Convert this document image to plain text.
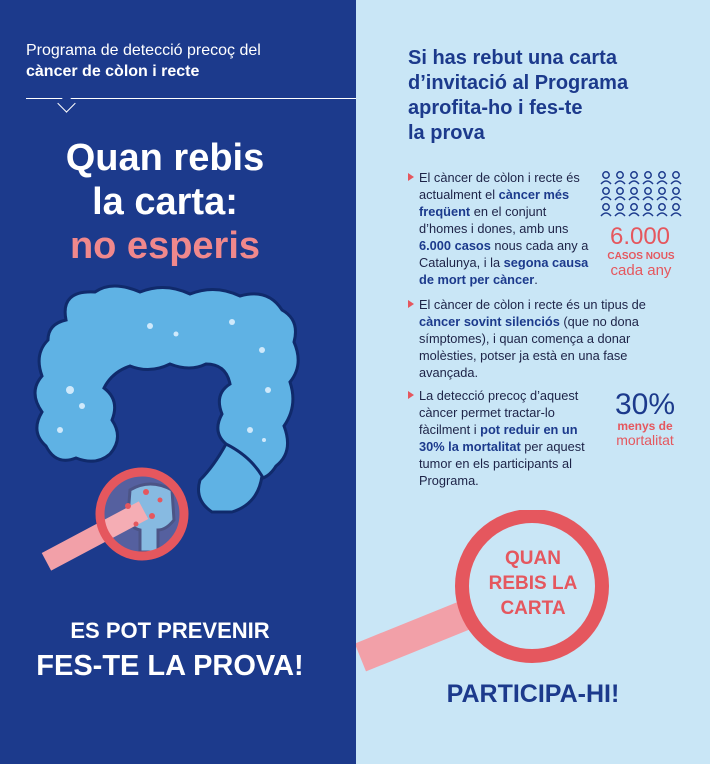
Programa de detecció precoç del
càncer de còlon i recte
Quan rebis
la carta:
no esperis
ES POT PREVENIR
FES-TE LA PROVA!
Si has rebut una carta
d’invitació al Programa
aprofita-ho i fes-te
la prova

El càncer de còlon i recte és actualment el càncer més freqüent en el conjunt d’homes i dones, amb uns 6.000 casos nous cada any a Catalunya, i la segona causa de mort per càncer.

6.000
CASOS NOUS
cada any

El càncer de còlon i recte és un tipus de càncer sovint silenciós (que no dona símptomes), i quan comença a donar molèsties, potser ja està en una fase avançada.

La detecció precoç d’aquest càncer permet tractar-lo fàcilment i pot reduir en un 30% la mortalitat per aquest tumor en els participants al Programa.

30%
menys de
mortalitat
QUAN
REBIS LA
CARTA
PARTICIPA-HI!
